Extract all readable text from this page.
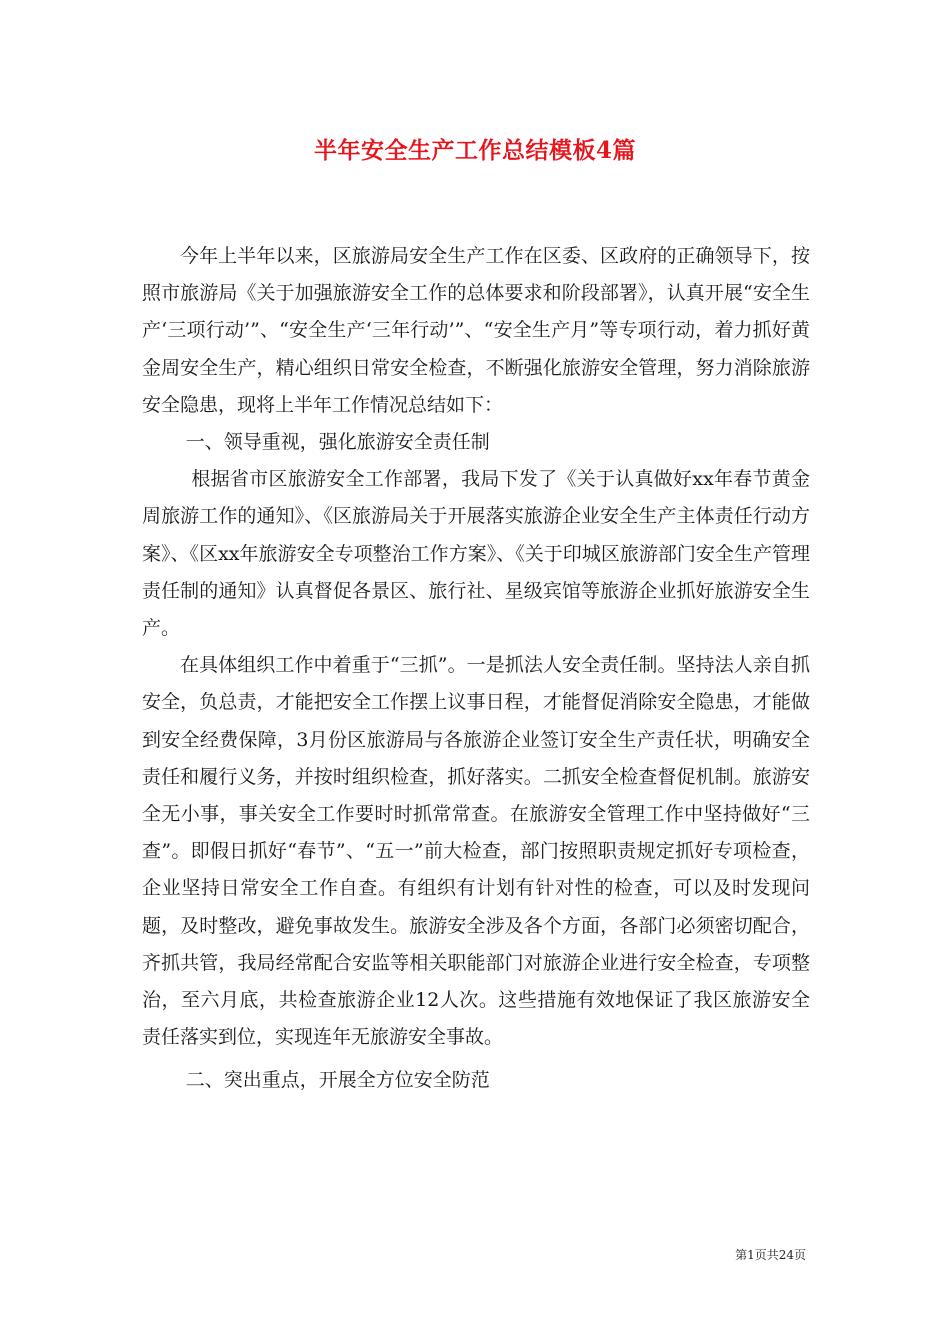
半年安全生产工作总结模板4篇

今年上半年以来，区旅游局安全生产工作在区委、区政府的正确领导下，按照市旅游局《关于加强旅游安全工作的总体要求和阶段部署》，认真开展“安全生产‘三项行动’”、“安全生产‘三年行动’”、“安全生产月”等专项行动，着力抓好黄金周安全生产，精心组织日常安全检查，不断强化旅游安全管理，努力消除旅游安全隐患，现将上半年工作情况总结如下：

一、领导重视，强化旅游安全责任制

根据省市区旅游安全工作部署，我局下发了《关于认真做好xx年春节黄金周旅游工作的通知》、《区旅游局关于开展落实旅游企业安全生产主体责任行动方案》、《区xx年旅游安全专项整治工作方案》、《关于印城区旅游部门安全生产管理责任制的通知》认真督促各景区、旅行社、星级宾馆等旅游企业抓好旅游安全生产。

在具体组织工作中着重于“三抓”。一是抓法人安全责任制。坚持法人亲自抓安全，负总责，才能把安全工作摆上议事日程，才能督促消除安全隐患，才能做到安全经费保障，3月份区旅游局与各旅游企业签订安全生产责任状，明确安全责任和履行义务，并按时组织检查，抓好落实。二抓安全检查督促机制。旅游安全无小事，事关安全工作要时时抓常常查。在旅游安全管理工作中坚持做好“三查”。即假日抓好“春节”、“五一”前大检查，部门按照职责规定抓好专项检查，企业坚持日常安全工作自查。有组织有计划有针对性的检查，可以及时发现问题，及时整改，避免事故发生。旅游安全涉及各个方面，各部门必须密切配合，齐抓共管，我局经常配合安监等相关职能部门对旅游企业进行安全检查，专项整治，至六月底，共检查旅游企业12人次。这些措施有效地保证了我区旅游安全责任落实到位，实现连年无旅游安全事故。

二、突出重点，开展全方位安全防范

第1页共24页
